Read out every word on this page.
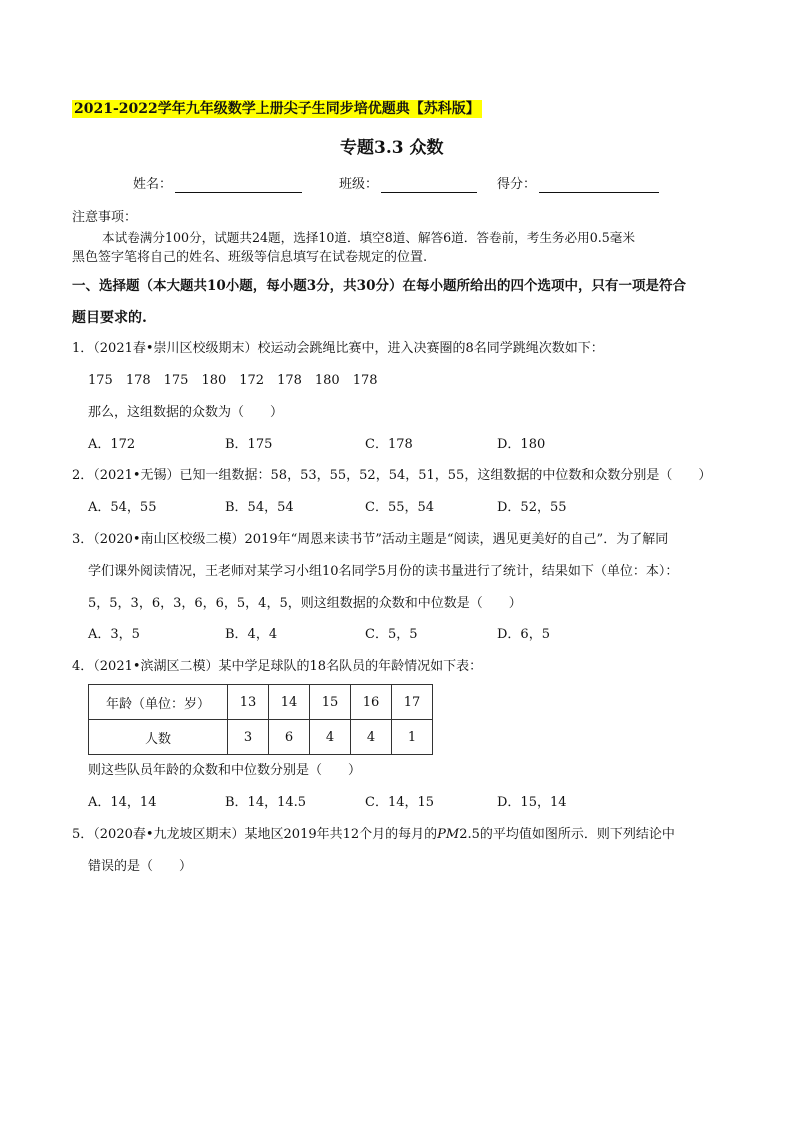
2021-2022学年九年级数学上册尖子生同步培优题典【苏科版】
专题3.3 众数
姓名：	班级：	得分：
注意事项：
本试卷满分100分，试题共24题，选择10道．填空8道、解答6道．答卷前，考生务必用0.5毫米
黑色签字笔将自己的姓名、班级等信息填写在试卷规定的位置.
一、选择题（本大题共10小题，每小题3分，共30分）在每小题所给出的四个选项中，只有一项是符合
题目要求的.
1．（2021春•崇川区校级期末）校运动会跳绳比赛中，进入决赛圈的8名同学跳绳次数如下：
175　178　175　180　172　178　180　178
那么，这组数据的众数为（　　）
A．172	B．175	C．178	D．180
2．（2021•无锡）已知一组数据：58，53，55，52，54，51，55，这组数据的中位数和众数分别是（　　）
A．54，55	B．54，54	C．55，54	D．52，55
3．（2020•南山区校级二模）2019年“周恩来读书节”活动主题是“阅读，遇见更美好的自己”．为了解同
学们课外阅读情况，王老师对某学习小组10名同学5月份的读书量进行了统计，结果如下（单位：本）：
5，5，3，6，3，6，6，5，4，5，则这组数据的众数和中位数是（　　）
A．3，5	B．4，4	C．5，5	D．6，5
4．（2021•滨湖区二模）某中学足球队的18名队员的年龄情况如下表：
年龄（单位：岁）	13	14	15	16	17
人数	3	6	4	4	1
则这些队员年龄的众数和中位数分别是（　　）
A．14，14	B．14，14.5	C．14，15	D．15，14
5．（2020春•九龙坡区期末）某地区2019年共12个月的每月的PM2.5的平均值如图所示．则下列结论中
错误的是（　　）
